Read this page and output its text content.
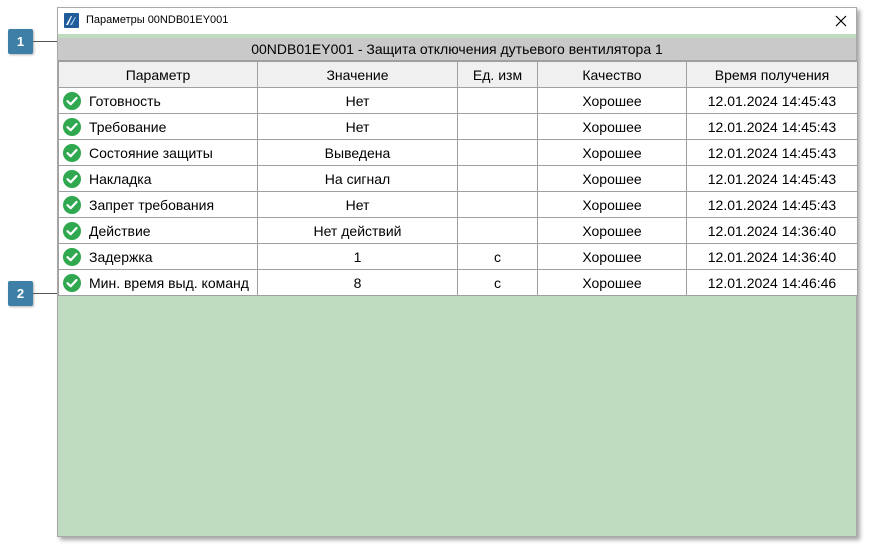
1
2
Параметры 00NDB01EY001
00NDB01EY001 - Защита отключения дутьевого вентилятора 1
Параметр	Значение	Ед. изм	Качество	Время получения

Готовность	Нет		Хорошее	12.01.2024 14:45:43

Требование	Нет		Хорошее	12.01.2024 14:45:43

Состояние защиты	Выведена		Хорошее	12.01.2024 14:45:43

Накладка	На сигнал		Хорошее	12.01.2024 14:45:43

Запрет требования	Нет		Хорошее	12.01.2024 14:45:43

Действие	Нет действий		Хорошее	12.01.2024 14:36:40

Задержка	1	с	Хорошее	12.01.2024 14:36:40

Мин. время выд. команд	8	с	Хорошее	12.01.2024 14:46:46
